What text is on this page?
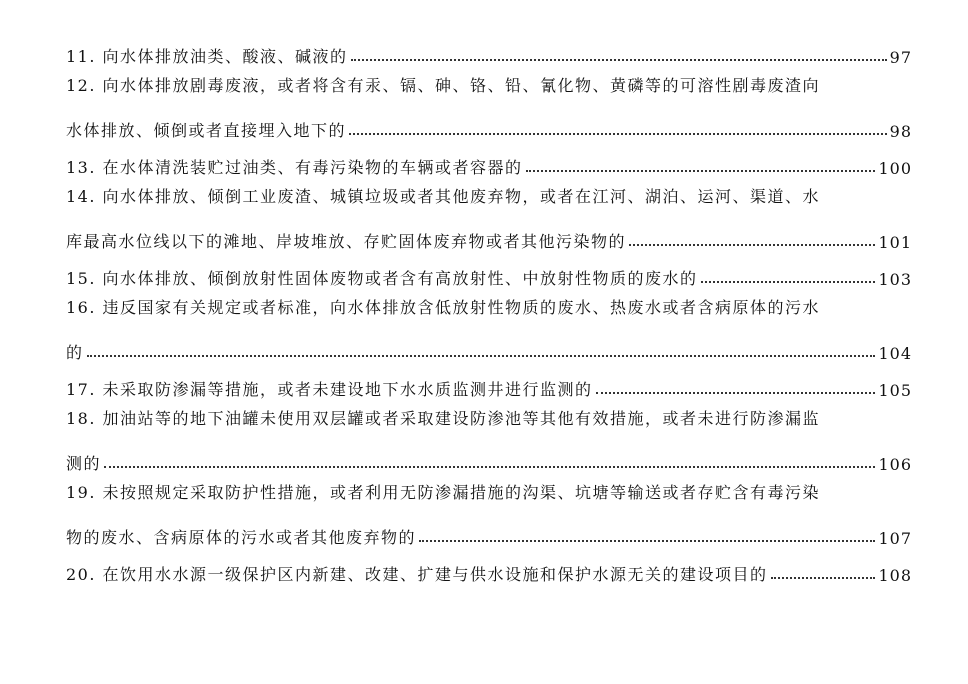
11. 向水体排放油类、酸液、碱液的	97
12. 向水体排放剧毒废液，或者将含有汞、镉、砷、铬、铅、氰化物、黄磷等的可溶性剧毒废渣向
水体排放、倾倒或者直接埋入地下的	98
13. 在水体清洗装贮过油类、有毒污染物的车辆或者容器的	100
14. 向水体排放、倾倒工业废渣、城镇垃圾或者其他废弃物，或者在江河、湖泊、运河、渠道、水
库最高水位线以下的滩地、岸坡堆放、存贮固体废弃物或者其他污染物的	101
15. 向水体排放、倾倒放射性固体废物或者含有高放射性、中放射性物质的废水的	103
16. 违反国家有关规定或者标准，向水体排放含低放射性物质的废水、热废水或者含病原体的污水
的	104
17. 未采取防渗漏等措施，或者未建设地下水水质监测井进行监测的	105
18. 加油站等的地下油罐未使用双层罐或者采取建设防渗池等其他有效措施，或者未进行防渗漏监
测的	106
19. 未按照规定采取防护性措施，或者利用无防渗漏措施的沟渠、坑塘等输送或者存贮含有毒污染
物的废水、含病原体的污水或者其他废弃物的	107
20. 在饮用水水源一级保护区内新建、改建、扩建与供水设施和保护水源无关的建设项目的	108
